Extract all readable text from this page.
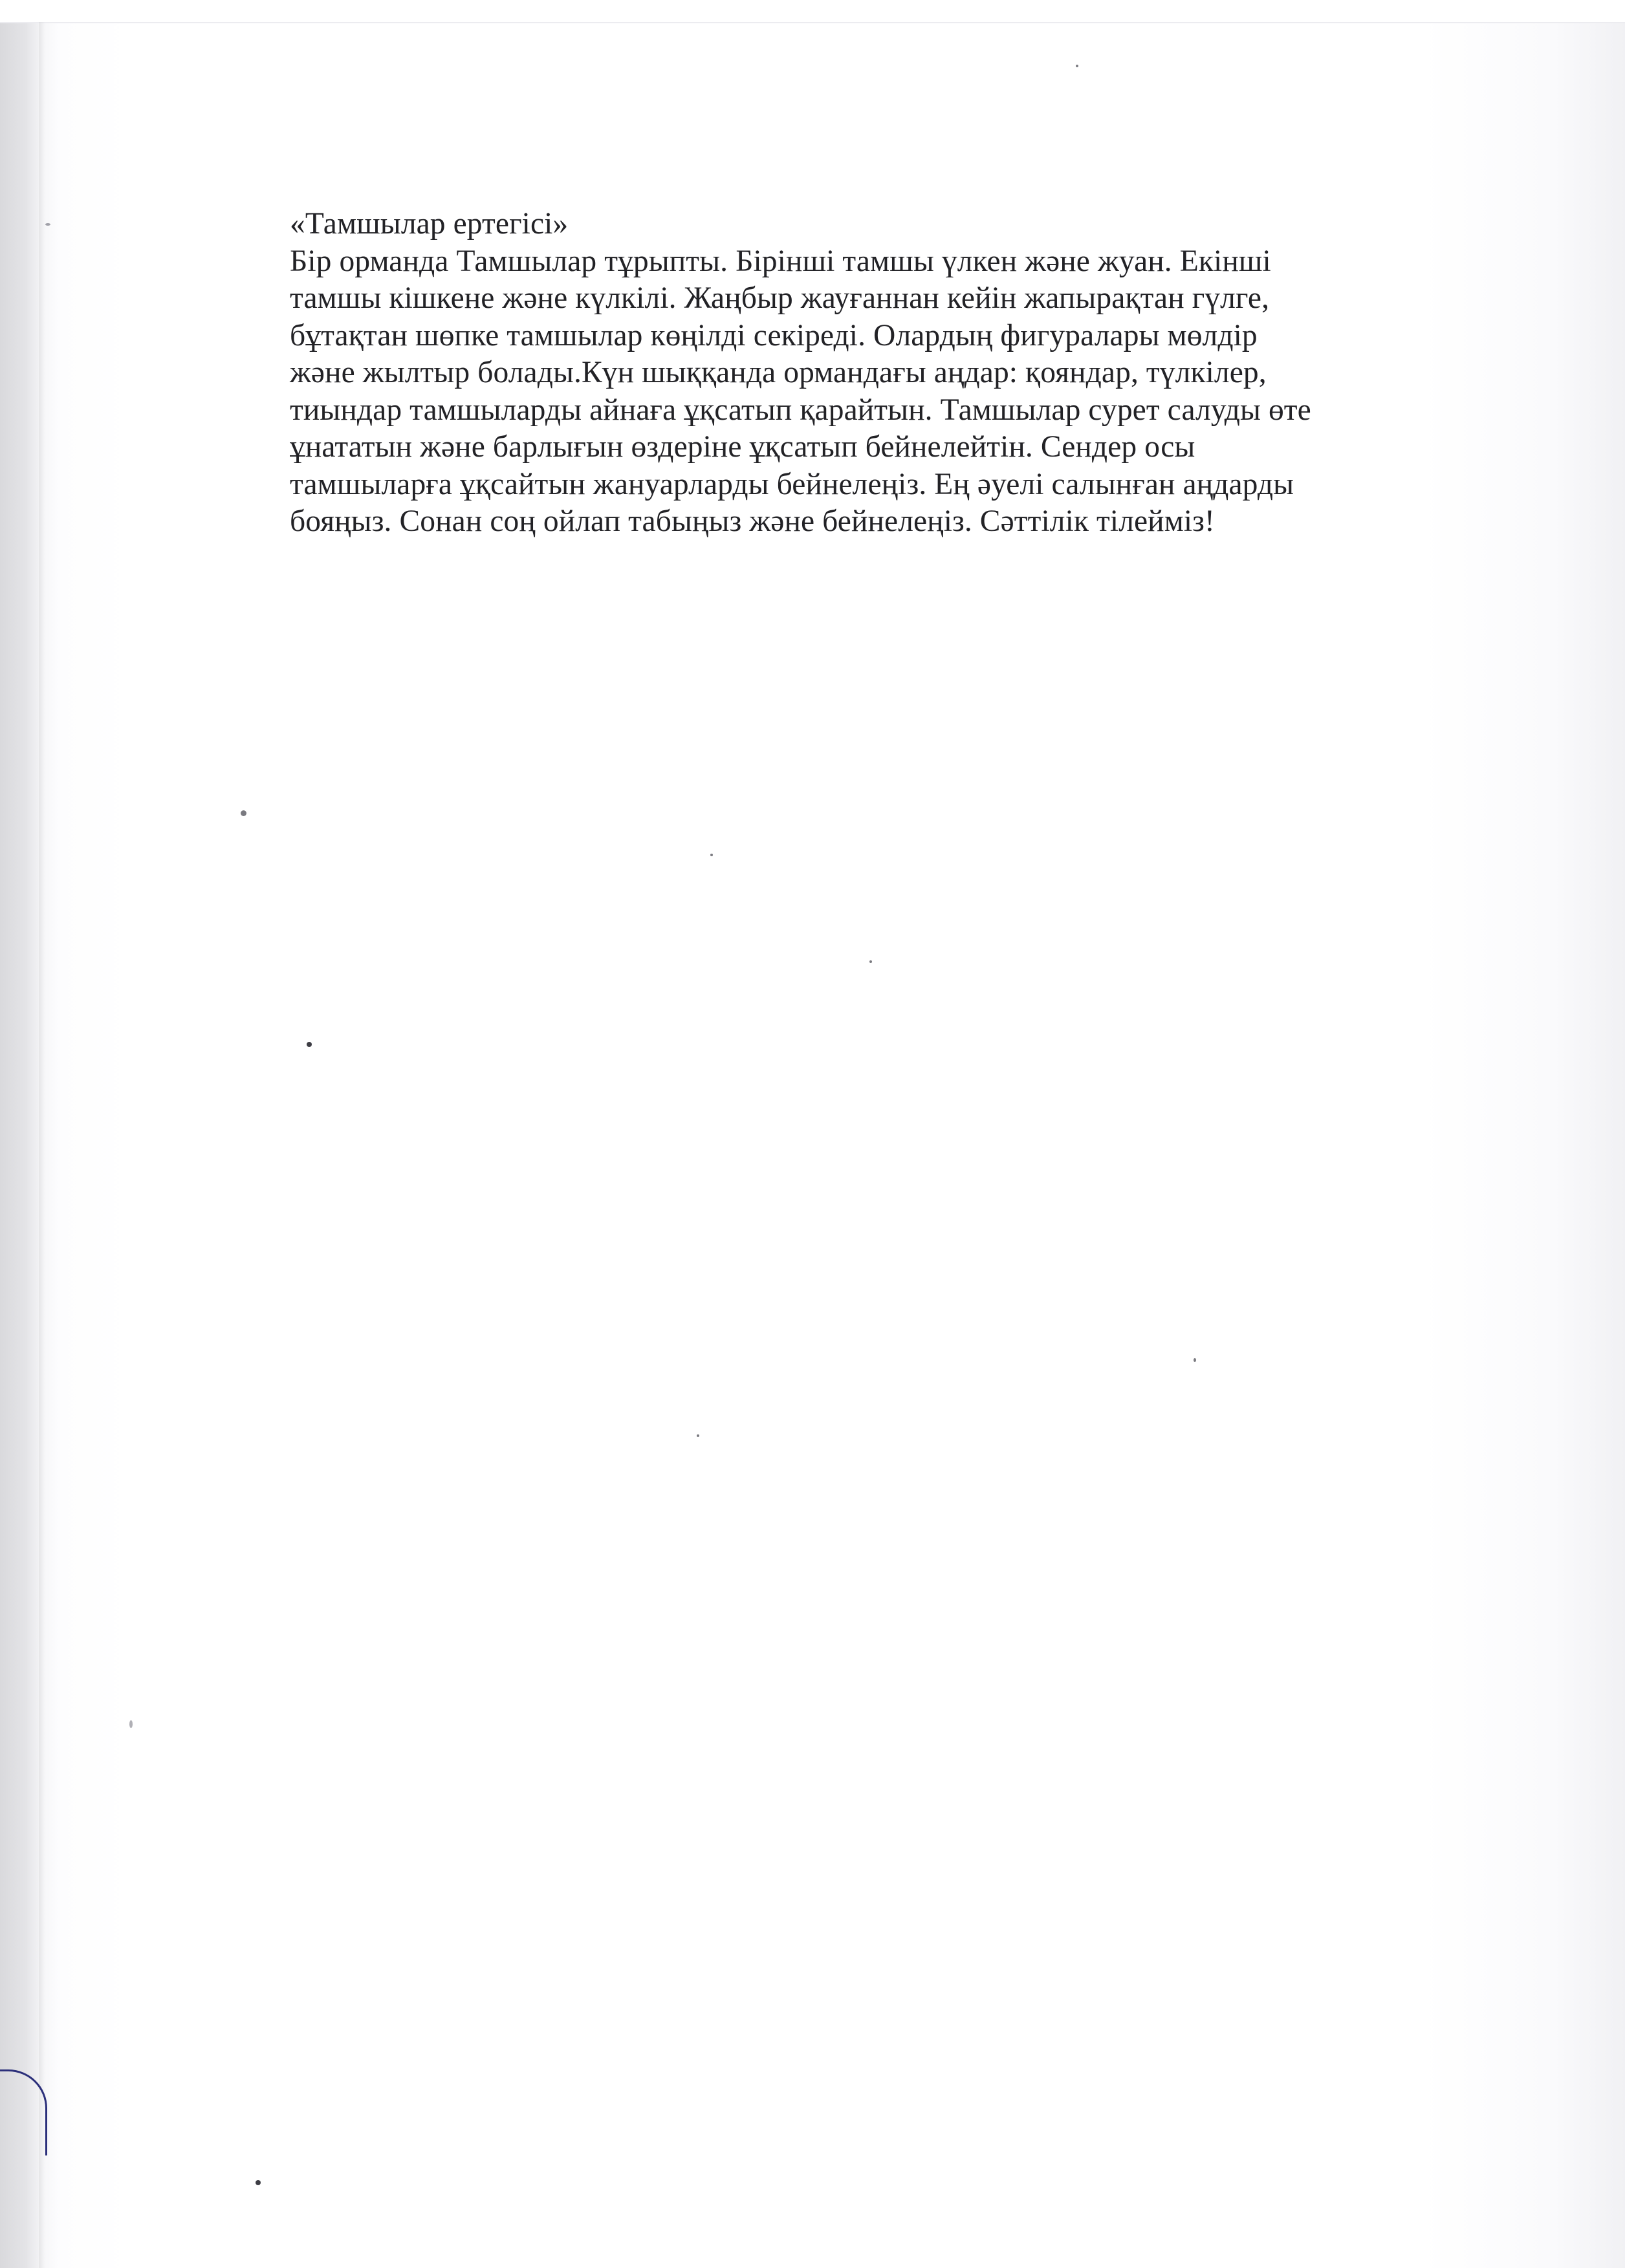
«Тамшылар ертегісі»
Бір орманда Тамшылар тұрыпты. Бірінші тамшы үлкен және жуан. Екінші
тамшы кішкене және күлкілі. Жаңбыр жауғаннан кейін жапырақтан гүлге,
бұтақтан шөпке тамшылар көңілді секіреді. Олардың фигуралары мөлдір
және жылтыр болады.Күн шыққанда ормандағы аңдар: қояндар, түлкілер,
тиындар тамшыларды айнаға ұқсатып қарайтын. Тамшылар сурет салуды өте
ұнататын және барлығын өздеріне ұқсатып бейнелейтін. Сендер осы
тамшыларға ұқсайтын жануарларды бейнелеңіз. Ең әуелі салынған аңдарды
бояңыз. Сонан соң ойлап табыңыз және бейнелеңіз. Сәттілік тілейміз!
